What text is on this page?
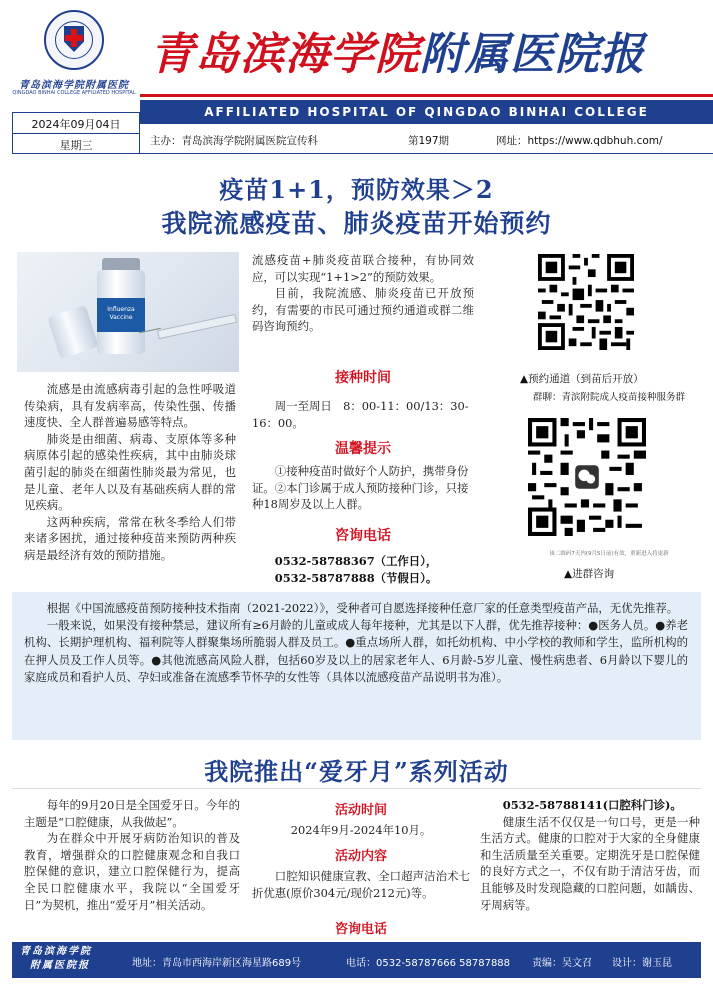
青岛滨海学院附属医院
QINGDAO BINHAI COLLEGE AFFILIATED HOSPITAL
青岛滨海学院附属医院报
AFFILIATED HOSPITAL OF QINGDAO BINHAI COLLEGE
2024年09月04日
星期三	主办：青岛滨海学院附属医院宣传科	第197期	网址：https://www.qdbhuh.com/
疫苗1+1，预防效果＞2
我院流感疫苗、肺炎疫苗开始预约
Influenza Vaccine

流感是由流感病毒引起的急性呼吸道传染病，具有发病率高，传染性强、传播速度快、全人群普遍易感等特点。

肺炎是由细菌、病毒、支原体等多种病原体引起的感染性疾病，其中由肺炎球菌引起的肺炎在细菌性肺炎最为常见，也是儿童、老年人以及有基础疾病人群的常见疾病。

这两种疾病，常常在秋冬季给人们带来诸多困扰，通过接种疫苗来预防两种疾病是最经济有效的预防措施。

流感疫苗+肺炎疫苗联合接种，有协同效应，可以实现“1+1>2”的预防效果。

目前，我院流感、肺炎疫苗已开放预约，有需要的市民可通过预约通道或群二维码咨询预约。

接种时间
周一至周日　8：00-11：00/13：30-16：00。
温馨提示
①接种疫苗时做好个人防护，携带身份证。②本门诊属于成人预防接种门诊，只接种18周岁及以上人群。
咨询电话
0532-58788367（工作日），
0532-58787888（节假日）。
▲预约通道（到苗后开放）
群聊：青滨附院成人疫苗接种服务群
该二维码7天内(9月5日前)有效，重新进入将更新
▲进群咨询

根据《中国流感疫苗预防接种技术指南（2021-2022）》，受种者可自愿选择接种任意厂家的任意类型疫苗产品，无优先推荐。

一般来说，如果没有接种禁忌，建议所有≥6月龄的儿童或成人每年接种，尤其是以下人群，优先推荐接种：●医务人员。●养老机构、长期护理机构、福利院等人群聚集场所脆弱人群及员工。●重点场所人群，如托幼机构、中小学校的教师和学生，监所机构的在押人员及工作人员等。●其他流感高风险人群，包括60岁及以上的居家老年人、6月龄-5岁儿童、慢性病患者、6月龄以下婴儿的家庭成员和看护人员、孕妇或准备在流感季节怀孕的女性等（具体以流感疫苗产品说明书为准）。

我院推出“爱牙月”系列活动

每年的9月20日是全国爱牙日。今年的主题是“口腔健康，从我做起”。

为在群众中开展牙病防治知识的普及教育，增强群众的口腔健康观念和自我口腔保健的意识，建立口腔保健行为，提高全民口腔健康水平，我院以“全国爱牙日”为契机，推出“爱牙月”相关活动。

活动时间
2024年9月-2024年10月。
活动内容
口腔知识健康宣教、全口超声洁治术七折优惠(原价304元/现价212元)等。
咨询电话
0532-58788141(口腔科门诊)。

健康生活不仅仅是一句口号，更是一种生活方式。健康的口腔对于大家的全身健康和生活质量至关重要。定期洗牙是口腔保健的良好方式之一，不仅有助于清洁牙齿，而且能够及时发现隐藏的口腔问题，如龋齿、牙周病等。

青岛滨海学院
附属医院报	地址：青岛市西海岸新区海星路689号	电话：0532-58787666 58787888 责编：吴文召 设计：谢玉昆
